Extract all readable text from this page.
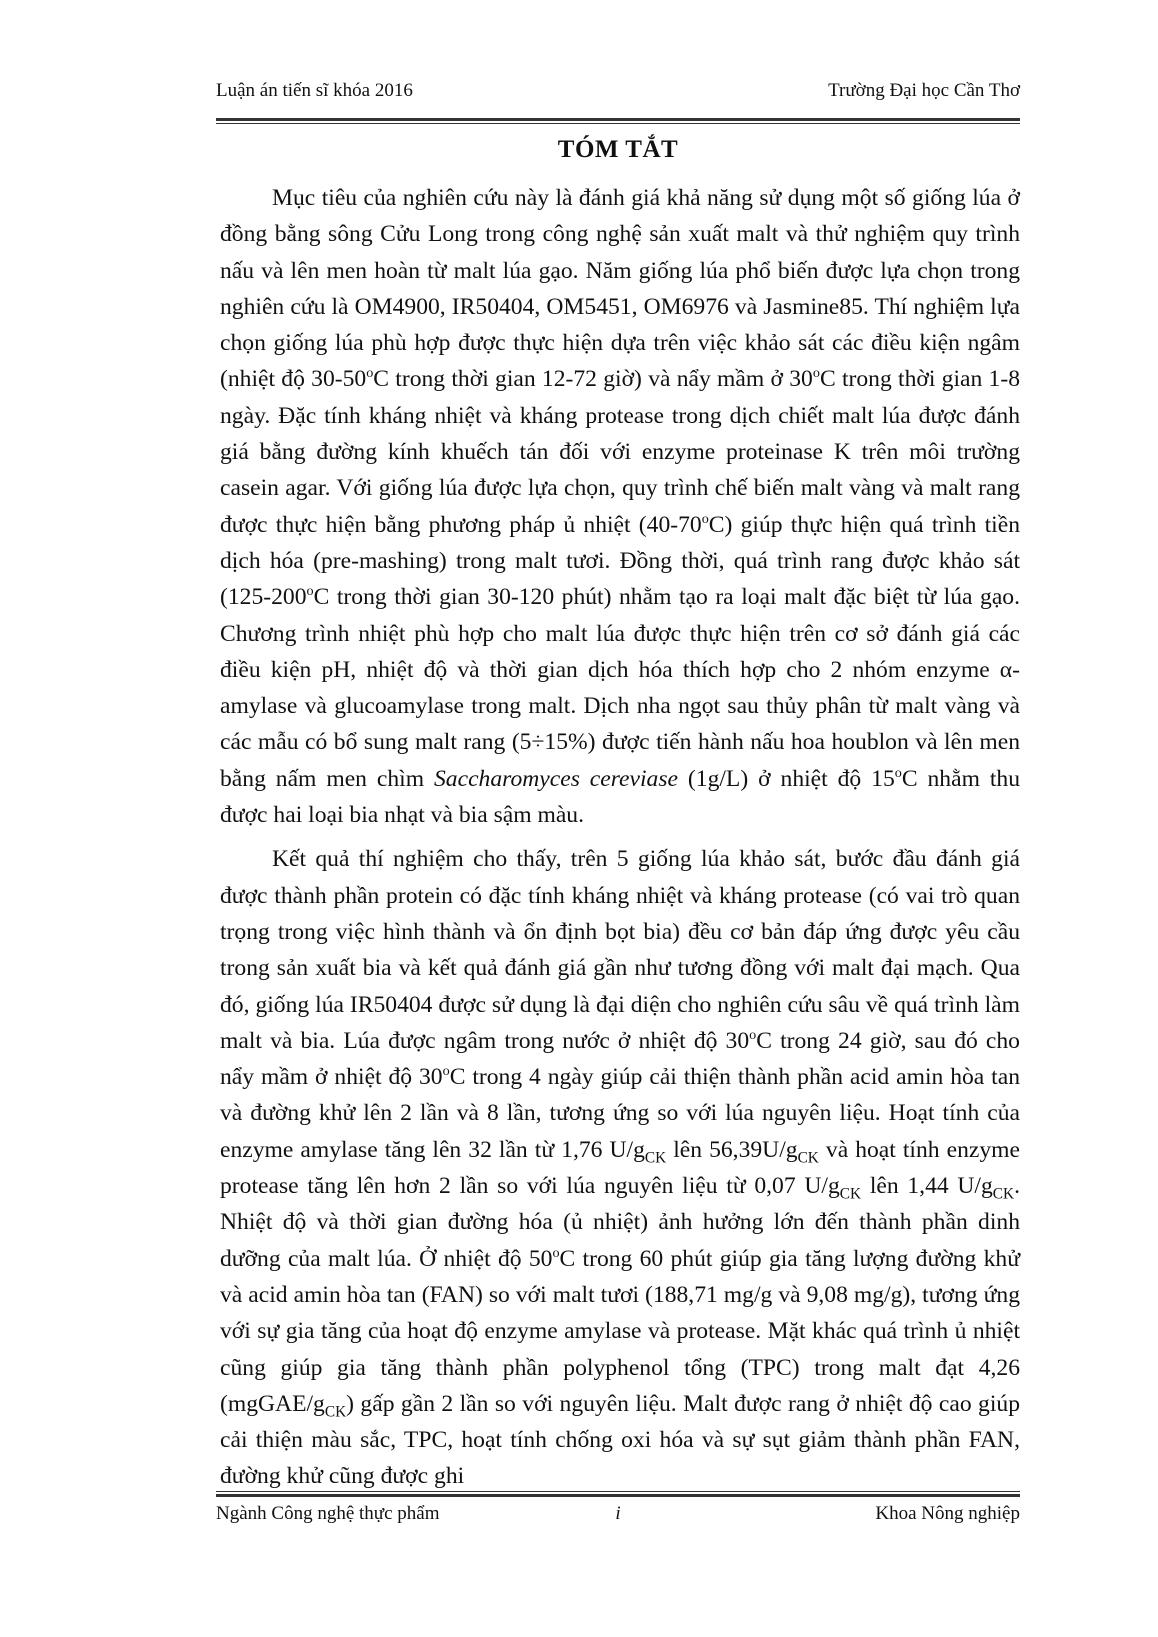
Luận án tiến sĩ khóa 2016	Trường Đại học Cần Thơ
TÓM TẮT

Mục tiêu của nghiên cứu này là đánh giá khả năng sử dụng một số giống lúa ở đồng bằng sông Cửu Long trong công nghệ sản xuất malt và thử nghiệm quy trình nấu và lên men hoàn từ malt lúa gạo. Năm giống lúa phổ biến được lựa chọn trong nghiên cứu là OM4900, IR50404, OM5451, OM6976 và Jasmine85. Thí nghiệm lựa chọn giống lúa phù hợp được thực hiện dựa trên việc khảo sát các điều kiện ngâm (nhiệt độ 30-50$^o$C trong thời gian 12-72 giờ) và nẩy mầm ở 30$^o$C trong thời gian 1-8 ngày. Đặc tính kháng nhiệt và kháng protease trong dịch chiết malt lúa được đánh giá bằng đường kính khuếch tán đối với enzyme proteinase K trên môi trường casein agar. Với giống lúa được lựa chọn, quy trình chế biến malt vàng và malt rang được thực hiện bằng phương pháp ủ nhiệt (40-70$^o$C) giúp thực hiện quá trình tiền dịch hóa (pre-mashing) trong malt tươi. Đồng thời, quá trình rang được khảo sát (125-200$^o$C trong thời gian 30-120 phút) nhằm tạo ra loại malt đặc biệt từ lúa gạo. Chương trình nhiệt phù hợp cho malt lúa được thực hiện trên cơ sở đánh giá các điều kiện pH, nhiệt độ và thời gian dịch hóa thích hợp cho 2 nhóm enzyme α-amylase và glucoamylase trong malt. Dịch nha ngọt sau thủy phân từ malt vàng và các mẫu có bổ sung malt rang (5÷15%) được tiến hành nấu hoa houblon và lên men bằng nấm men chìm Saccharomyces cereviase (1g/L) ở nhiệt độ 15$^o$C nhằm thu được hai loại bia nhạt và bia sậm màu.

Kết quả thí nghiệm cho thấy, trên 5 giống lúa khảo sát, bước đầu đánh giá được thành phần protein có đặc tính kháng nhiệt và kháng protease (có vai trò quan trọng trong việc hình thành và ổn định bọt bia) đều cơ bản đáp ứng được yêu cầu trong sản xuất bia và kết quả đánh giá gần như tương đồng với malt đại mạch. Qua đó, giống lúa IR50404 được sử dụng là đại diện cho nghiên cứu sâu về quá trình làm malt và bia. Lúa được ngâm trong nước ở nhiệt độ 30$^o$C trong 24 giờ, sau đó cho nẩy mầm ở nhiệt độ 30$^o$C trong 4 ngày giúp cải thiện thành phần acid amin hòa tan và đường khử lên 2 lần và 8 lần, tương ứng so với lúa nguyên liệu. Hoạt tính của enzyme amylase tăng lên 32 lần từ 1,76 $U/g_{CK}$ lên $56,39U/g_{CK}$ và hoạt tính enzyme protease tăng lên hơn 2 lần so với lúa nguyên liệu từ 0,07 $U/g_{CK}$ lên 1,44 $U/g_{CK}$. Nhiệt độ và thời gian đường hóa (ủ nhiệt) ảnh hưởng lớn đến thành phần dinh dưỡng của malt lúa. Ở nhiệt độ 50$^o$C trong 60 phút giúp gia tăng lượng đường khử và acid amin hòa tan (FAN) so với malt tươi (188,71 mg/g và 9,08 mg/g), tương ứng với sự gia tăng của hoạt độ enzyme amylase và protease. Mặt khác quá trình ủ nhiệt cũng giúp gia tăng thành phần polyphenol tổng (TPC) trong malt đạt 4,26 $(mgGAE/g_{CK})$ gấp gần 2 lần so với nguyên liệu. Malt được rang ở nhiệt độ cao giúp cải thiện màu sắc, TPC, hoạt tính chống oxi hóa và sự sụt giảm thành phần FAN, đường khử cũng được ghi

Ngành Công nghệ thực phẩm	i	Khoa Nông nghiệp
